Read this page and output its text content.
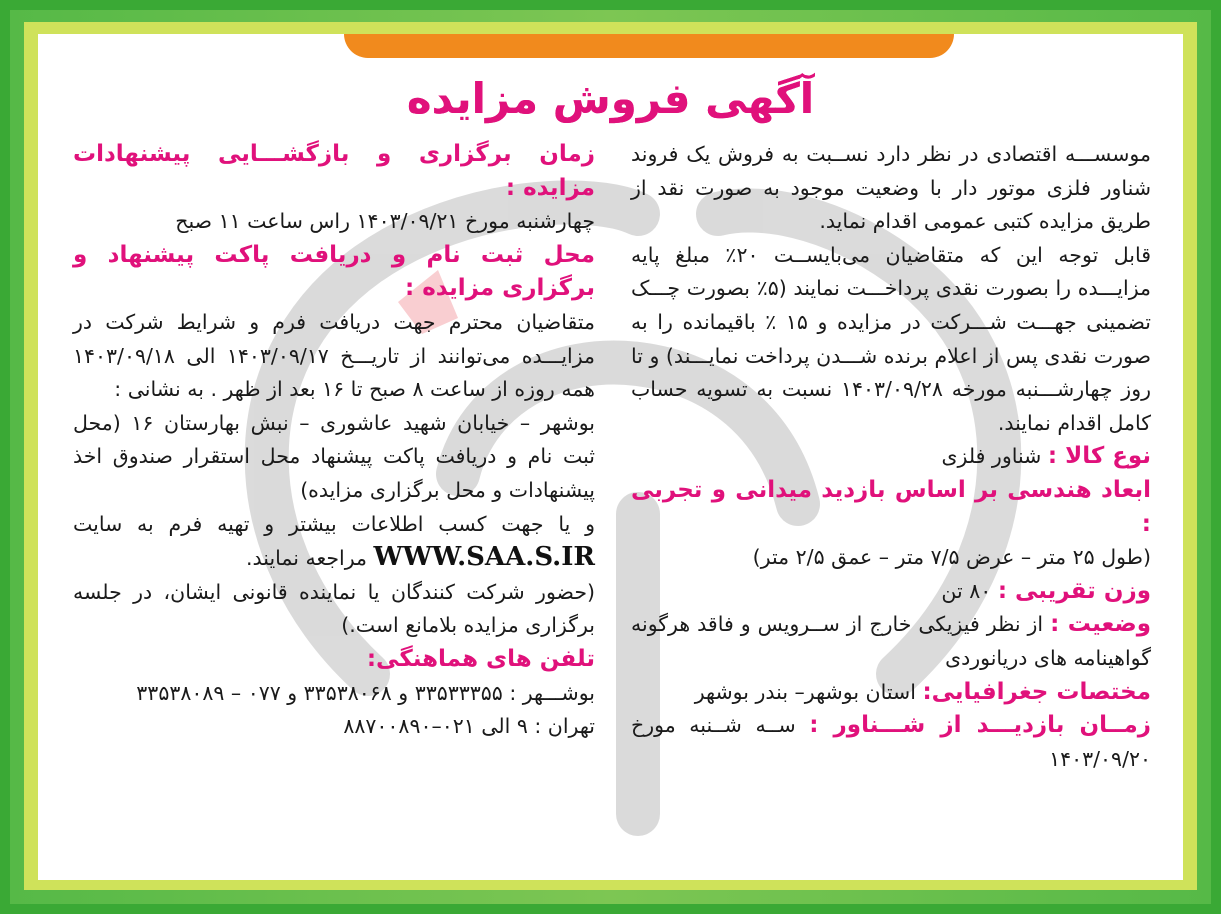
آگهی فروش مزایده

موسســـه اقتصادی در نظر دارد نســبت به فروش یک فروند شناور فلزی موتور دار با وضعیت موجود به صورت نقد از طریق مزایده کتبی عمومی اقدام نماید.

قابل توجه این که متقاضیان می‌بایســت ۲۰٪ مبلغ پایه مزایـــده را بصورت نقدی پرداخـــت نمایند (۵٪ بصورت چـــک تضمینی جهـــت شـــرکت در مزایده و ۱۵ ٪ باقیمانده را به صورت نقدی پس از اعلام برنده شـــدن پرداخت نمایـــند) و تا روز چهارشـــنبه مورخه ۱۴۰۳/۰۹/۲۸ نسبت به تسویه حساب کامل اقدام نمایند.

نوع کالا : شناور فلزی

ابعاد هندسی بر اساس بازدید میدانی و تجربی :

(طول ۲۵ متر – عرض ۷/۵ متر – عمق ۲/۵ متر)

وزن تقریبی : ۸۰ تن

وضعیت : از نظر فیزیکی خارج از ســرویس و فاقد هرگونه گواهینامه های دریانوردی

مختصات جغرافیایی: استان بوشهر– بندر بوشهر

زمــان بازدیـــد از شـــناور : ســه شــنبه مورخ ۱۴۰۳/۰۹/۲۰

زمان برگزاری و بازگشـــایی پیشنهادات مزایده :

چهارشنبه مورخ ۱۴۰۳/۰۹/۲۱ راس ساعت ۱۱ صبح

محل ثبت نام و دریافت پاکت پیشنهاد و برگزاری مزایده :

متقاضیان محترم جهت دریافت فرم و شرایط شرکت در مزایـــده می‌توانند از تاریـــخ ۱۴۰۳/۰۹/۱۷ الی ۱۴۰۳/۰۹/۱۸ همه روزه از ساعت ۸ صبح تا ۱۶ بعد از ظهر . به نشانی :

بوشهر – خیابان شهید عاشوری – نبش بهارستان ۱۶ (محل ثبت نام و دریافت پاکت پیشنهاد محل استقرار صندوق اخذ پیشنهادات و محل برگزاری مزایده)

و یا جهت کسب اطلاعات بیشتر و تهیه فرم به سایت WWW.SAA.S.IR مراجعه نمایند.

(حضور شرکت کنندگان یا نماینده قانونی ایشان، در جلسه برگزاری مزایده بلامانع است.)

تلفن های هماهنگی:

بوشـــهر : ۳۳۵۳۳۳۵۵ و ۳۳۵۳۸۰۶۸ و ۰۷۷ – ۳۳۵۳۸۰۸۹

تهران : ۹ الی ۰۲۱–۸۸۷۰۰۸۹۰
